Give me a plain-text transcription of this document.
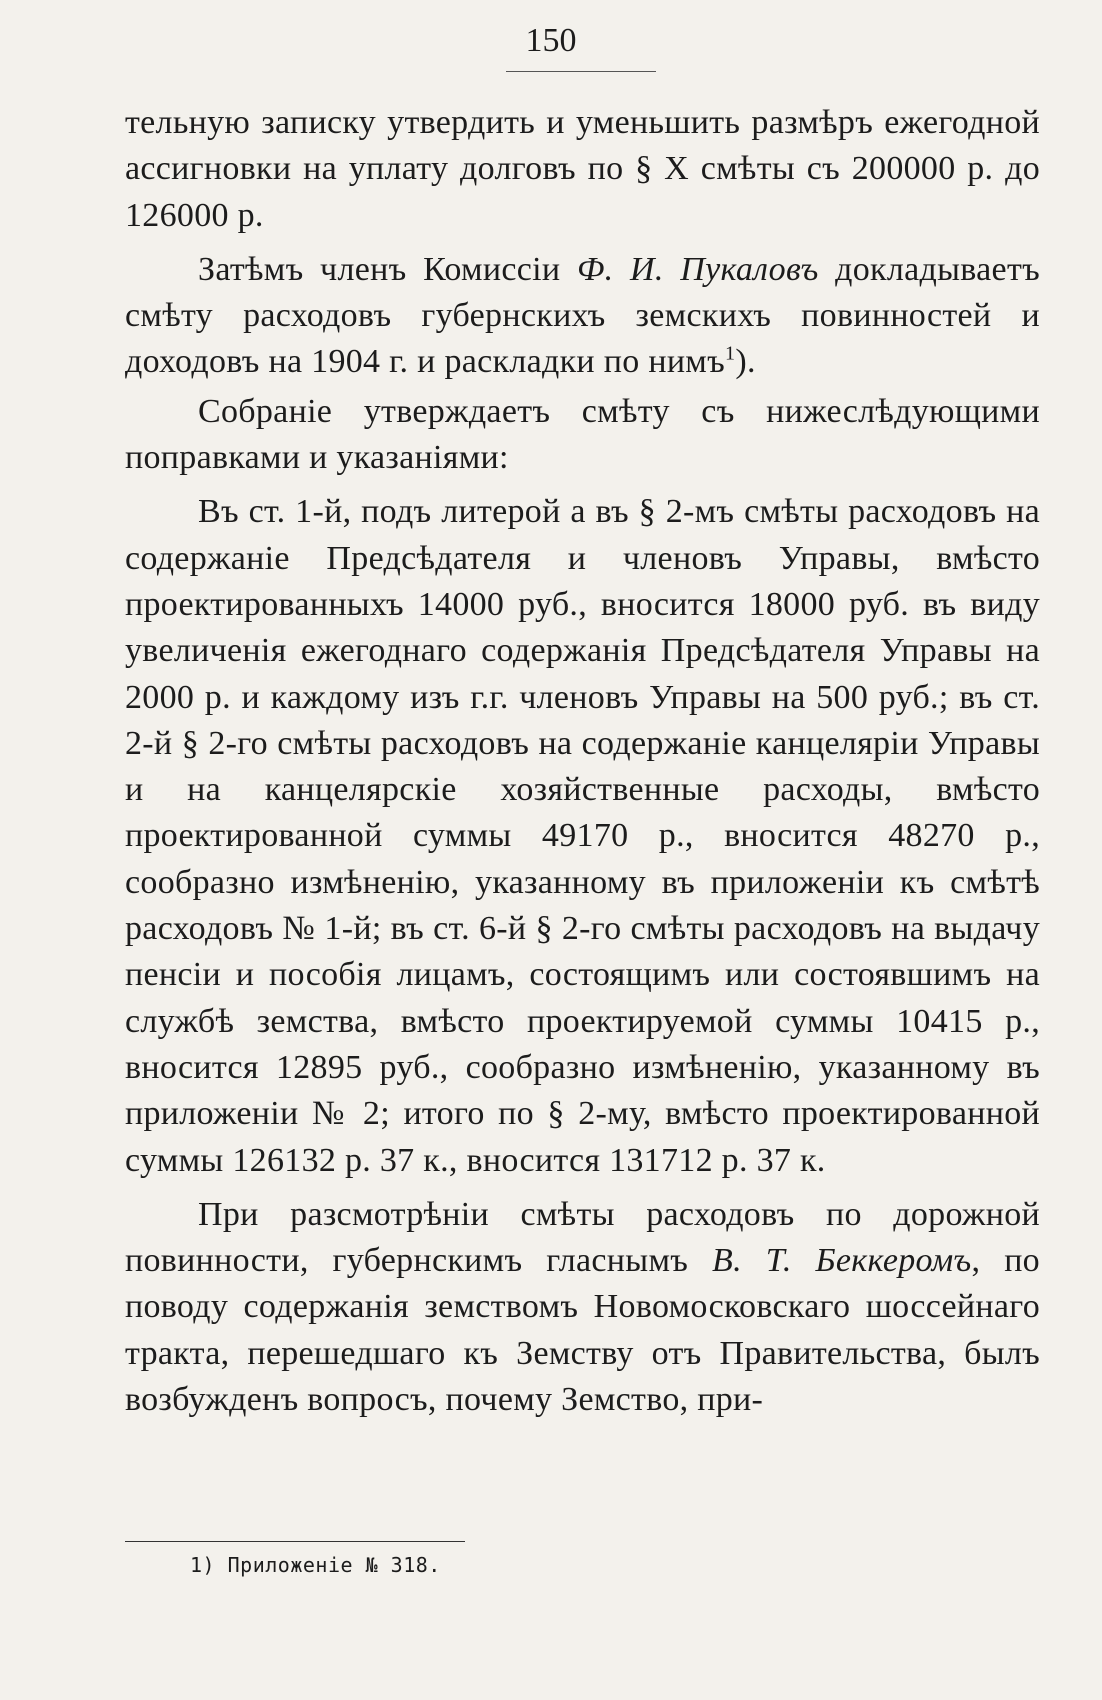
150

тельную записку утвердить и уменьшить размѣръ ежегодной ассигновки на уплату долговъ по § X смѣты съ 200000 р. до 126000 р.

Затѣмъ членъ Комиссіи Ф. И. Пукаловъ докладываетъ смѣту расходовъ губернскихъ земскихъ повинностей и доходовъ на 1904 г. и раскладки по нимъ$^1$).

Собраніе утверждаетъ смѣту съ нижеслѣдующими поправками и указаніями:

Въ ст. 1-й, подъ литерой а въ § 2-мъ смѣты расходовъ на содержаніе Предсѣдателя и членовъ Управы, вмѣсто проектированныхъ 14000 руб., вносится 18000 руб. въ виду увеличенія ежегоднаго содержанія Предсѣдателя Управы на 2000 р. и каждому изъ г.г. членовъ Управы на 500 руб.; въ ст. 2-й § 2-го смѣты расходовъ на содержаніе канцеляріи Управы и на канцелярскіе хозяйственные расходы, вмѣсто проектированной суммы 49170 р., вносится 48270 р., сообразно измѣненію, указанному въ приложеніи къ смѣтѣ расходовъ № 1-й; въ ст. 6-й § 2-го смѣты расходовъ на выдачу пенсіи и пособія лицамъ, состоящимъ или состоявшимъ на службѣ земства, вмѣсто проектируемой суммы 10415 р., вносится 12895 руб., сообразно измѣненію, указанному въ приложеніи № 2; итого по § 2-му, вмѣсто проектированной суммы 126132 р. 37 к., вносится 131712 р. 37 к.

При разсмотрѣніи смѣты расходовъ по дорожной повинности, губернскимъ гласнымъ В. Т. Беккеромъ, по поводу содержанія земствомъ Новомосковскаго шоссейнаго тракта, перешедшаго къ Земству отъ Правительства, былъ возбужденъ вопросъ, почему Земство, при-

1) Приложеніе № 318.
